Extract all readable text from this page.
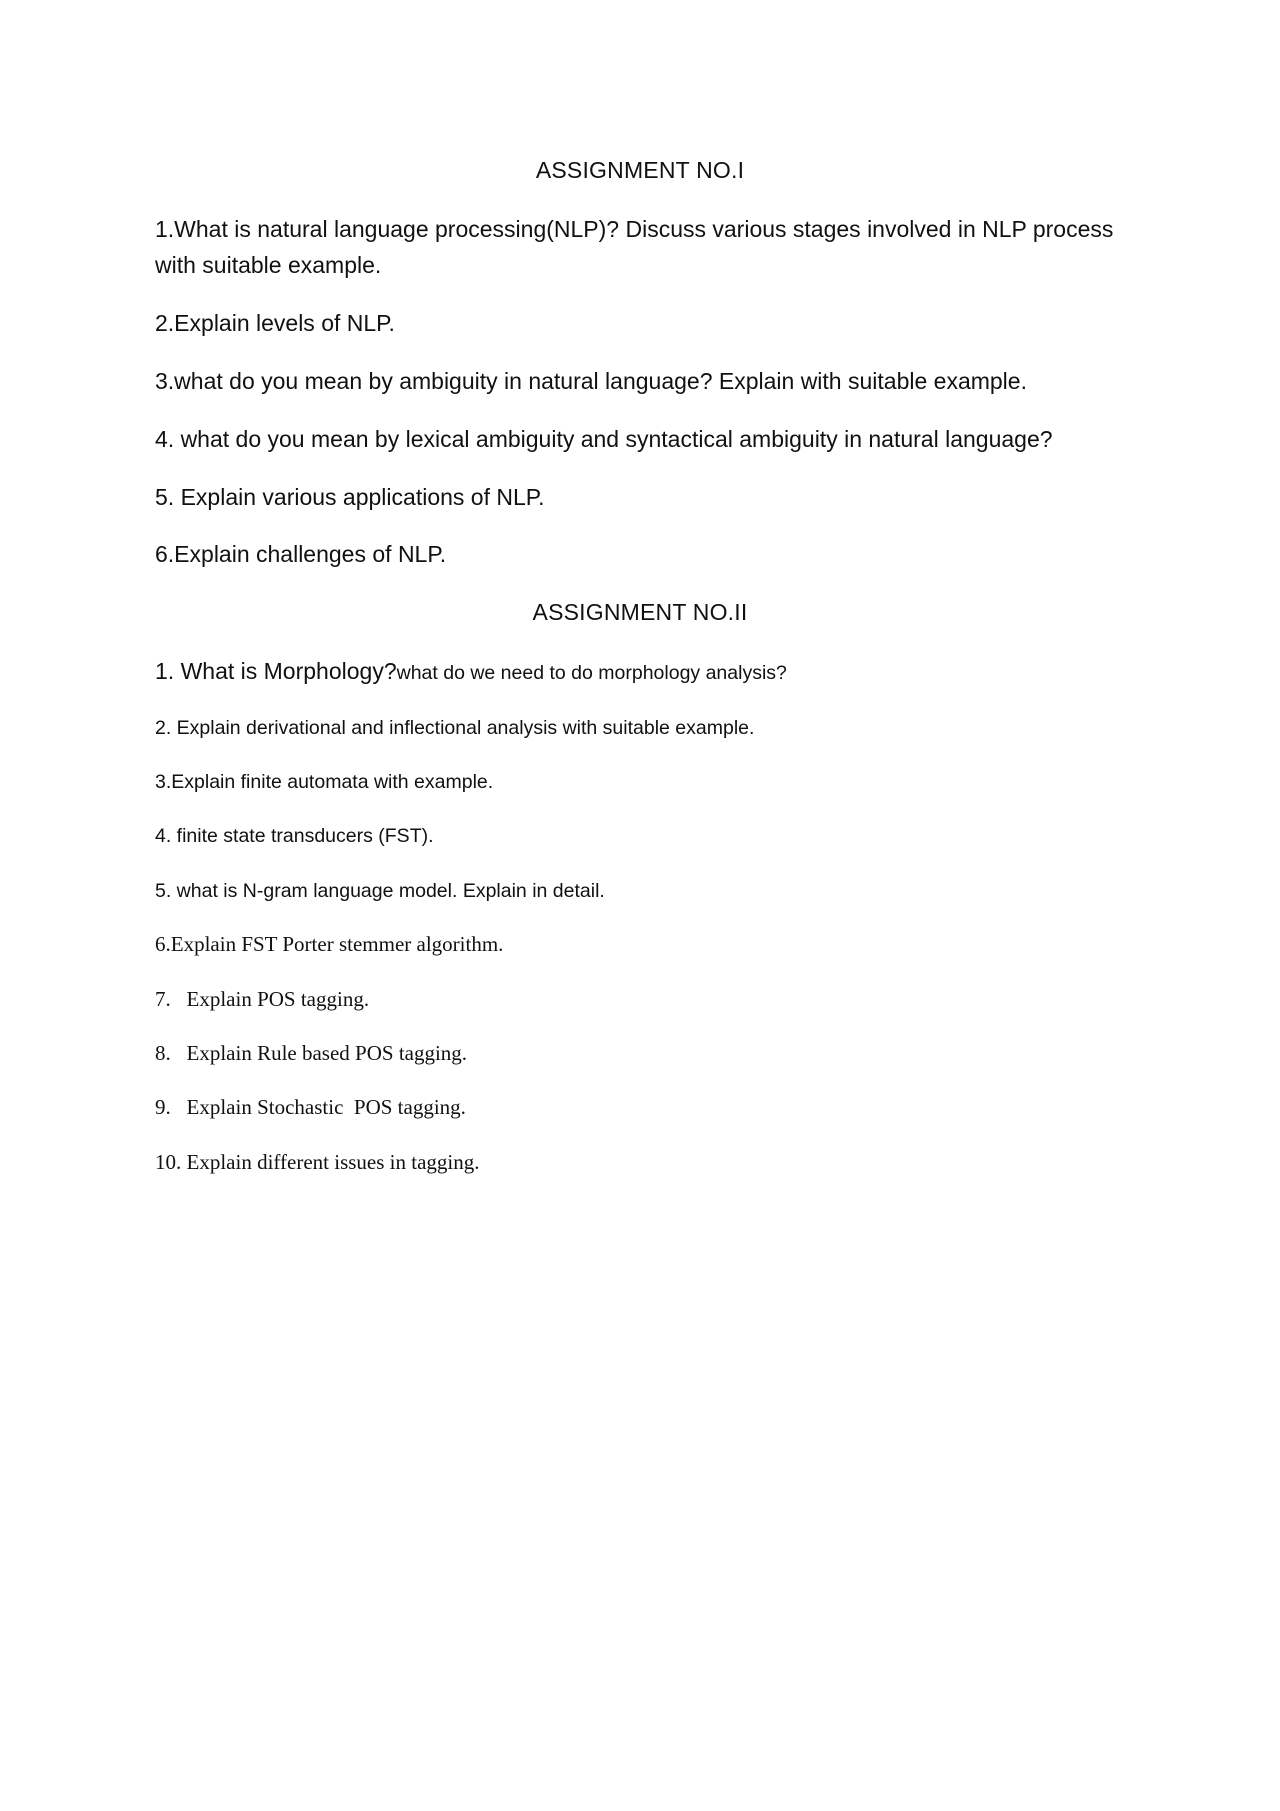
ASSIGNMENT NO.I
1.What is natural language processing(NLP)? Discuss various stages involved in NLP process
with suitable example.
2.Explain levels of NLP.
3.what do you mean by ambiguity in natural language? Explain with suitable example.
4. what do you mean by lexical ambiguity and syntactical ambiguity in natural language?
5. Explain various applications of NLP.
6.Explain challenges of NLP.
ASSIGNMENT NO.II
1. What is Morphology?what do we need to do morphology analysis?
2. Explain derivational and inflectional analysis with suitable example.
3.Explain finite automata with example.
4. finite state transducers (FST).
5. what is N-gram language model. Explain in detail.
6.Explain FST Porter stemmer algorithm.
7.   Explain POS tagging.
8.   Explain Rule based POS tagging.
9.   Explain Stochastic  POS tagging.
10. Explain different issues in tagging.
